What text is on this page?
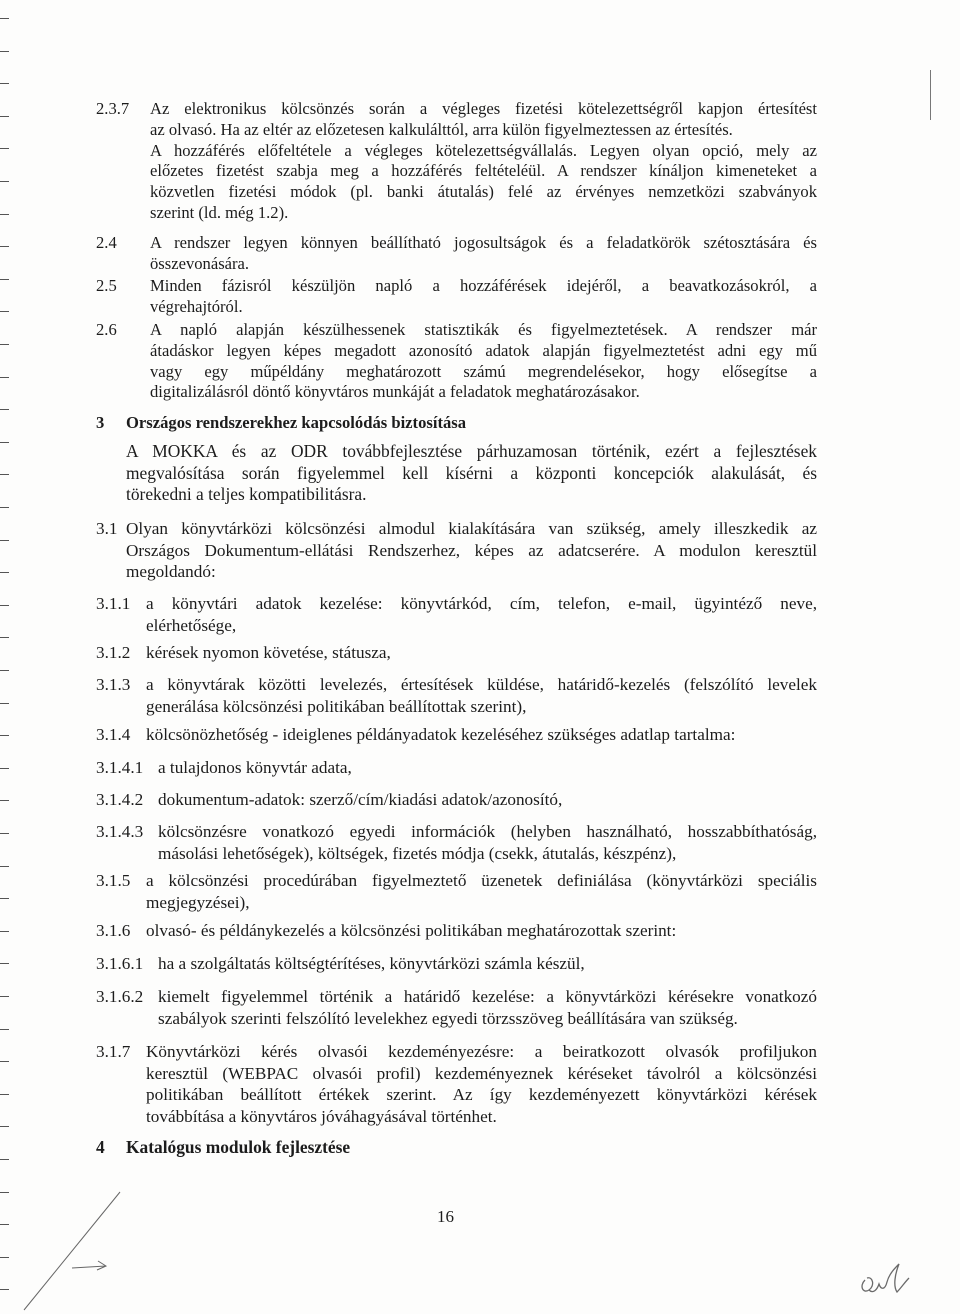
2.3.7 Az elektronikus kölcsönzés során a végleges fizetési kötelezettségről kapjon értesítést
az olvasó. Ha az eltér az előzetesen kalkulálttól, arra külön figyelmeztessen az értesítés.
A hozzáférés előfeltétele a végleges kötelezettségvállalás. Legyen olyan opció, mely az
előzetes fizetést szabja meg a hozzáférés feltételéül. A rendszer kínáljon kimeneteket a
közvetlen fizetési módok (pl. banki átutalás) felé az érvényes nemzetközi szabványok
szerint (ld. még 1.2).
2.4 A rendszer legyen könnyen beállítható jogosultságok és a feladatkörök szétosztására és
összevonására.
2.5 Minden fázisról készüljön napló a hozzáférések idejéről, a beavatkozásokról, a
végrehajtóról.
2.6 A napló alapján készülhessenek statisztikák és figyelmeztetések. A rendszer már
átadáskor legyen képes megadott azonosító adatok alapján figyelmeztetést adni egy mű
vagy egy műpéldány meghatározott számú megrendelésekor, hogy elősegítse a
digitalizálásról döntő könyvtáros munkáját a feladatok meghatározásakor.
3 Országos rendszerekhez kapcsolódás biztosítása
A MOKKA és az ODR továbbfejlesztése párhuzamosan történik, ezért a fejlesztések
megvalósítása során figyelemmel kell kísérni a központi koncepciók alakulását, és
törekedni a teljes kompatibilitásra.
3.1 Olyan könyvtárközi kölcsönzési almodul kialakítására van szükség, amely illeszkedik az
Országos Dokumentum-ellátási Rendszerhez, képes az adatcserére. A modulon keresztül
megoldandó:
3.1.1 a könyvtári adatok kezelése: könyvtárkód, cím, telefon, e-mail, ügyintéző neve,
elérhetősége,
3.1.2 kérések nyomon követése, státusza,
3.1.3 a könyvtárak közötti levelezés, értesítések küldése, határidő-kezelés (felszólító levelek
generálása kölcsönzési politikában beállítottak szerint),
3.1.4 kölcsönözhetőség - ideiglenes példányadatok kezeléséhez szükséges adatlap tartalma:
3.1.4.1 a tulajdonos könyvtár adata,
3.1.4.2 dokumentum-adatok: szerző/cím/kiadási adatok/azonosító,
3.1.4.3 kölcsönzésre vonatkozó egyedi információk (helyben használható, hosszabbíthatóság,
másolási lehetőségek), költségek, fizetés módja (csekk, átutalás, készpénz),
3.1.5 a kölcsönzési procedúrában figyelmeztető üzenetek definiálása (könyvtárközi speciális
megjegyzései),
3.1.6 olvasó- és példánykezelés a kölcsönzési politikában meghatározottak szerint:
3.1.6.1 ha a szolgáltatás költségtérítéses, könyvtárközi számla készül,
3.1.6.2 kiemelt figyelemmel történik a határidő kezelése: a könyvtárközi kérésekre vonatkozó
szabályok szerinti felszólító levelekhez egyedi törzsszöveg beállítására van szükség.
3.1.7 Könyvtárközi kérés olvasói kezdeményezésre: a beiratkozott olvasók profiljukon
keresztül (WEBPAC olvasói profil) kezdeményeznek kéréseket távolról a kölcsönzési
politikában beállított értékek szerint. Az így kezdeményezett könyvtárközi kérések
továbbítása a könyvtáros jóváhagyásával történhet.
4 Katalógus modulok fejlesztése
16
